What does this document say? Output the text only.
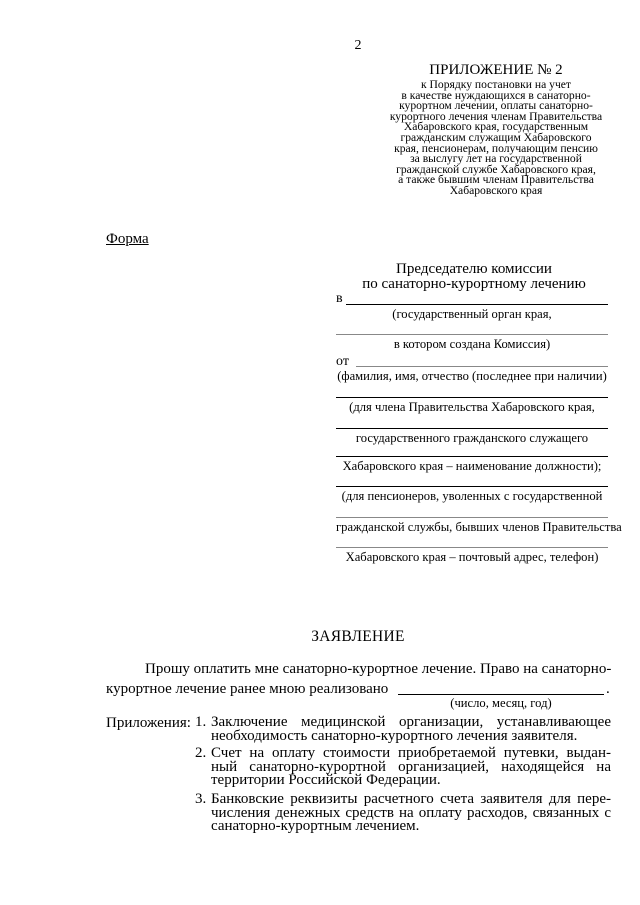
2
ПРИЛОЖЕНИЕ № 2
к Порядку постановки на учет
в качестве нуждающихся в санаторно-
курортном лечении, оплаты санаторно-
курортного лечения членам Правительства
Хабаровского края, государственным
гражданским служащим Хабаровского
края, пенсионерам, получающим пенсию
за выслугу лет на государственной
гражданской службе Хабаровского края,
а также бывшим членам Правительства
Хабаровского края
Форма
Председателю комиссии
по санаторно-курортному лечению
в
(государственный орган края,
в котором создана Комиссия)
от
(фамилия, имя, отчество (последнее при наличии)
(для члена Правительства Хабаровского края,
государственного гражданского служащего
Хабаровского края – наименование должности);
(для пенсионеров, уволенных с государственной
гражданской службы, бывших членов Правительства
Хабаровского края – почтовый адрес, телефон)
ЗАЯВЛЕНИЕ
Прошу оплатить мне санаторно-курортное лечение. Право на санаторно-
курортное лечение ранее мною реализовано	.
(число, месяц, год)
Приложения: 1. Заключение медицинской организации, устанавливающее
необходимость санаторно-курортного лечения заявителя.
2. Счет на оплату стоимости приобретаемой путевки, выдан-
ный санаторно-курортной организацией, находящейся на
территории Российской Федерации.
3. Банковские реквизиты расчетного счета заявителя для пере-
числения денежных средств на оплату расходов, связанных с
санаторно-курортным лечением.
